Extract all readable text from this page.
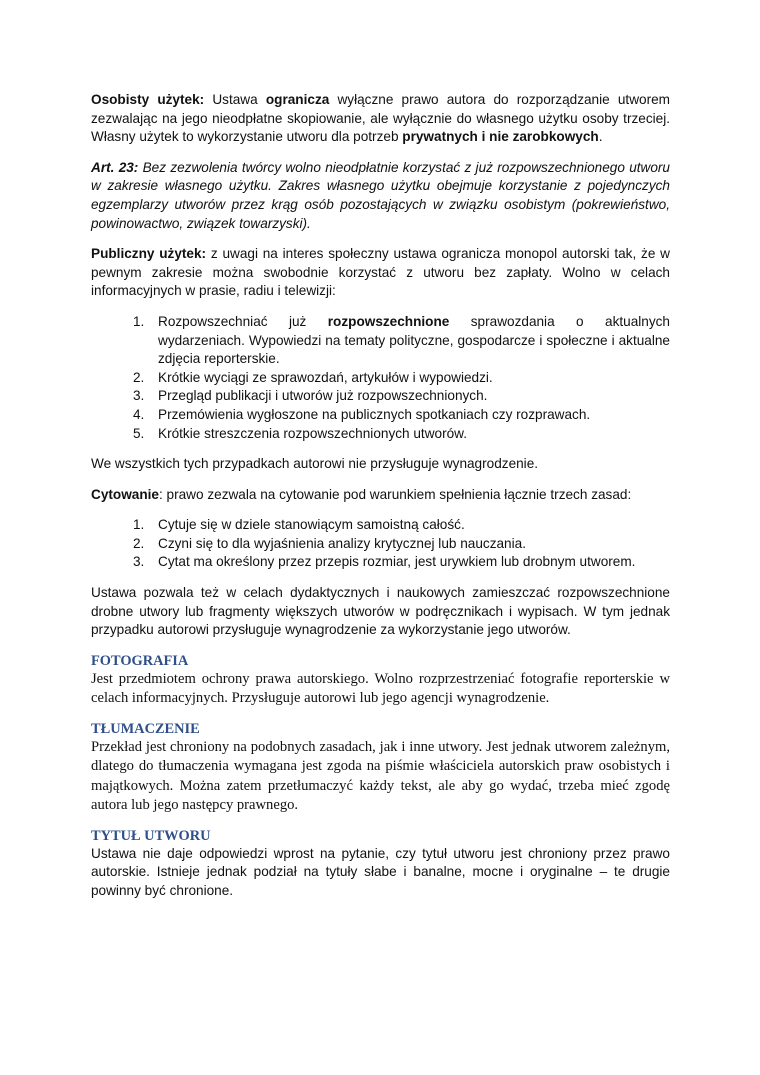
Osobisty użytek: Ustawa ogranicza wyłączne prawo autora do rozporządzanie utworem zezwalając na jego nieodpłatne skopiowanie, ale wyłącznie do własnego użytku osoby trzeciej. Własny użytek to wykorzystanie utworu dla potrzeb prywatnych i nie zarobkowych.

Art. 23: Bez zezwolenia twórcy wolno nieodpłatnie korzystać z już rozpowszechnionego utworu w zakresie własnego użytku. Zakres własnego użytku obejmuje korzystanie z pojedynczych egzemplarzy utworów przez krąg osób pozostających w związku osobistym (pokrewieństwo, powinowactwo, związek towarzyski).

Publiczny użytek: z uwagi na interes społeczny ustawa ogranicza monopol autorski tak, że w pewnym zakresie można swobodnie korzystać z utworu bez zapłaty. Wolno w celach informacyjnych w prasie, radiu i telewizji:

1. Rozpowszechniać już rozpowszechnione sprawozdania o aktualnych wydarzeniach. Wypowiedzi na tematy polityczne, gospodarcze i społeczne i aktualne zdjęcia reporterskie.
2. Krótkie wyciągi ze sprawozdań, artykułów i wypowiedzi.
3. Przegląd publikacji i utworów już rozpowszechnionych.
4. Przemówienia wygłoszone na publicznych spotkaniach czy rozprawach.
5. Krótkie streszczenia rozpowszechnionych utworów.

We wszystkich tych przypadkach autorowi nie przysługuje wynagrodzenie.

Cytowanie: prawo zezwala na cytowanie pod warunkiem spełnienia łącznie trzech zasad:

1. Cytuje się w dziele stanowiącym samoistną całość.
2. Czyni się to dla wyjaśnienia analizy krytycznej lub nauczania.
3. Cytat ma określony przez przepis rozmiar, jest urywkiem lub drobnym utworem.

Ustawa pozwala też w celach dydaktycznych i naukowych zamieszczać rozpowszechnione drobne utwory lub fragmenty większych utworów w podręcznikach i wypisach. W tym jednak przypadku autorowi przysługuje wynagrodzenie za wykorzystanie jego utworów.

FOTOGRAFIA

Jest przedmiotem ochrony prawa autorskiego. Wolno rozprzestrzeniać fotografie reporterskie w celach informacyjnych. Przysługuje autorowi lub jego agencji wynagrodzenie.

TŁUMACZENIE

Przekład jest chroniony na podobnych zasadach, jak i inne utwory. Jest jednak utworem zależnym, dlatego do tłumaczenia wymagana jest zgoda na piśmie właściciela autorskich praw osobistych i majątkowych. Można zatem przetłumaczyć każdy tekst, ale aby go wydać, trzeba mieć zgodę autora lub jego następcy prawnego.

TYTUŁ UTWORU

Ustawa nie daje odpowiedzi wprost na pytanie, czy tytuł utworu jest chroniony przez prawo autorskie. Istnieje jednak podział na tytuły słabe i banalne, mocne i oryginalne – te drugie powinny być chronione.
